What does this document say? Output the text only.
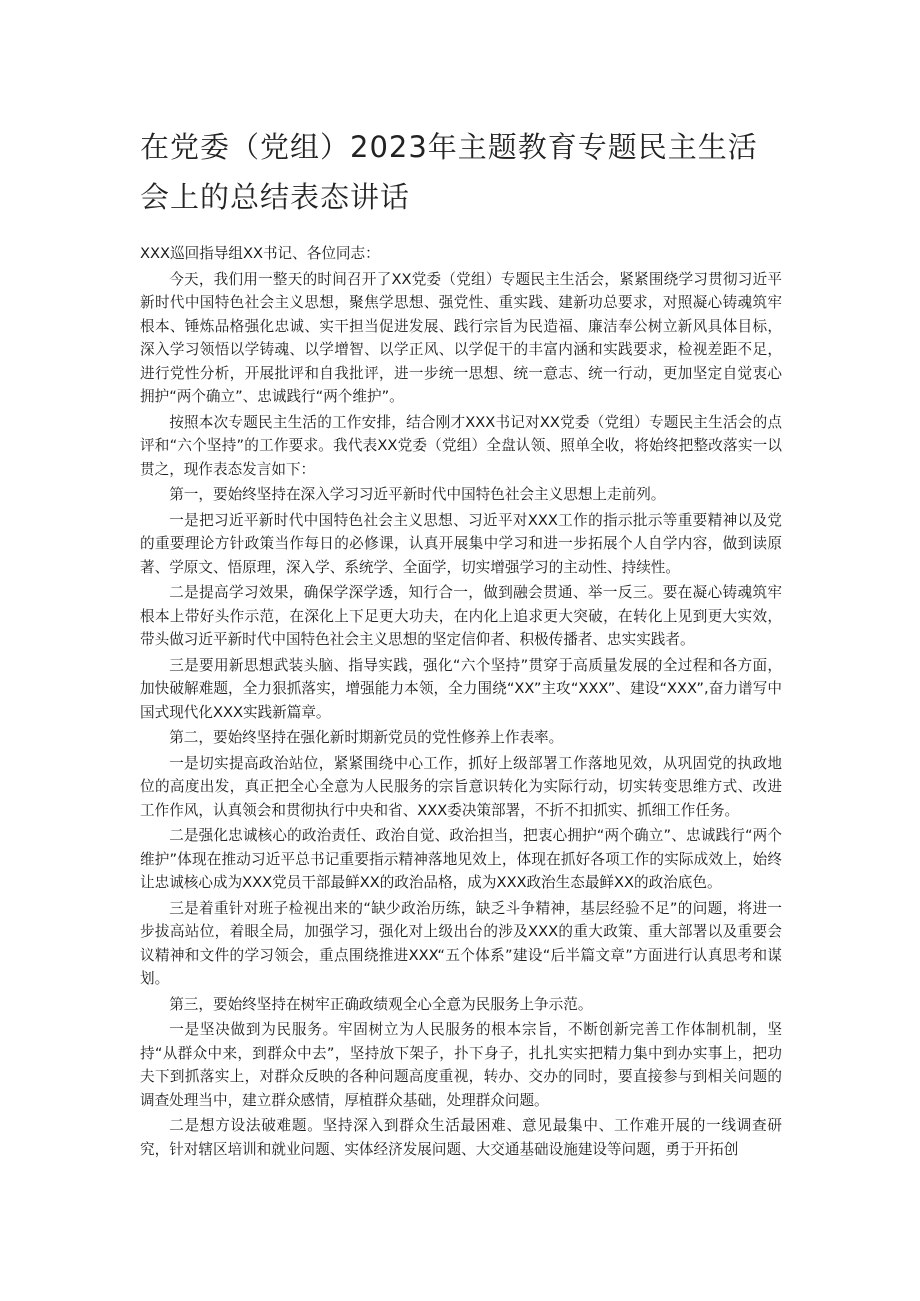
在党委（党组）2023年主题教育专题民主生活会上的总结表态讲话

XXX巡回指导组XX书记、各位同志：

今天，我们用一整天的时间召开了XX党委（党组）专题民主生活会，紧紧围绕学习贯彻习近平新时代中国特色社会主义思想，聚焦学思想、强党性、重实践、建新功总要求，对照凝心铸魂筑牢根本、锤炼品格强化忠诚、实干担当促进发展、践行宗旨为民造福、廉洁奉公树立新风具体目标，深入学习领悟以学铸魂、以学增智、以学正风、以学促干的丰富内涵和实践要求，检视差距不足，进行党性分析，开展批评和自我批评，进一步统一思想、统一意志、统一行动，更加坚定自觉衷心拥护“两个确立”、忠诚践行“两个维护”。

按照本次专题民主生活的工作安排，结合刚才XXX书记对XX党委（党组）专题民主生活会的点评和“六个坚持”的工作要求。我代表XX党委（党组）全盘认领、照单全收，将始终把整改落实一以贯之，现作表态发言如下：

第一，要始终坚持在深入学习习近平新时代中国特色社会主义思想上走前列。

一是把习近平新时代中国特色社会主义思想、习近平对XXX工作的指示批示等重要精神以及党的重要理论方针政策当作每日的必修课，认真开展集中学习和进一步拓展个人自学内容，做到读原著、学原文、悟原理，深入学、系统学、全面学，切实增强学习的主动性、持续性。

二是提高学习效果，确保学深学透，知行合一，做到融会贯通、举一反三。要在凝心铸魂筑牢根本上带好头作示范，在深化上下足更大功夫，在内化上追求更大突破，在转化上见到更大实效，带头做习近平新时代中国特色社会主义思想的坚定信仰者、积极传播者、忠实实践者。

三是要用新思想武装头脑、指导实践，强化“六个坚持”贯穿于高质量发展的全过程和各方面，加快破解难题，全力狠抓落实，增强能力本领，全力围绕“XX”主攻“XXX”、建设“XXX”,奋力谱写中国式现代化XXX实践新篇章。

第二，要始终坚持在强化新时期新党员的党性修养上作表率。

一是切实提高政治站位，紧紧围绕中心工作，抓好上级部署工作落地见效，从巩固党的执政地位的高度出发，真正把全心全意为人民服务的宗旨意识转化为实际行动，切实转变思维方式、改进工作作风，认真领会和贯彻执行中央和省、XXX委决策部署，不折不扣抓实、抓细工作任务。

二是强化忠诚核心的政治责任、政治自觉、政治担当，把衷心拥护“两个确立”、忠诚践行“两个维护”体现在推动习近平总书记重要指示精神落地见效上，体现在抓好各项工作的实际成效上，始终让忠诚核心成为XXX党员干部最鲜XX的政治品格，成为XXX政治生态最鲜XX的政治底色。

三是着重针对班子检视出来的“缺少政治历练，缺乏斗争精神，基层经验不足”的问题，将进一步拔高站位，着眼全局，加强学习，强化对上级出台的涉及XXX的重大政策、重大部署以及重要会议精神和文件的学习领会，重点围绕推进XXX“五个体系”建设“后半篇文章”方面进行认真思考和谋划。

第三，要始终坚持在树牢正确政绩观全心全意为民服务上争示范。

一是坚决做到为民服务。牢固树立为人民服务的根本宗旨，不断创新完善工作体制机制，坚持“从群众中来，到群众中去”，坚持放下架子，扑下身子，扎扎实实把精力集中到办实事上，把功夫下到抓落实上，对群众反映的各种问题高度重视，转办、交办的同时，要直接参与到相关问题的调查处理当中，建立群众感情，厚植群众基础，处理群众问题。

二是想方设法破难题。坚持深入到群众生活最困难、意见最集中、工作难开展的一线调查研究，针对辖区培训和就业问题、实体经济发展问题、大交通基础设施建设等问题，勇于开拓创
